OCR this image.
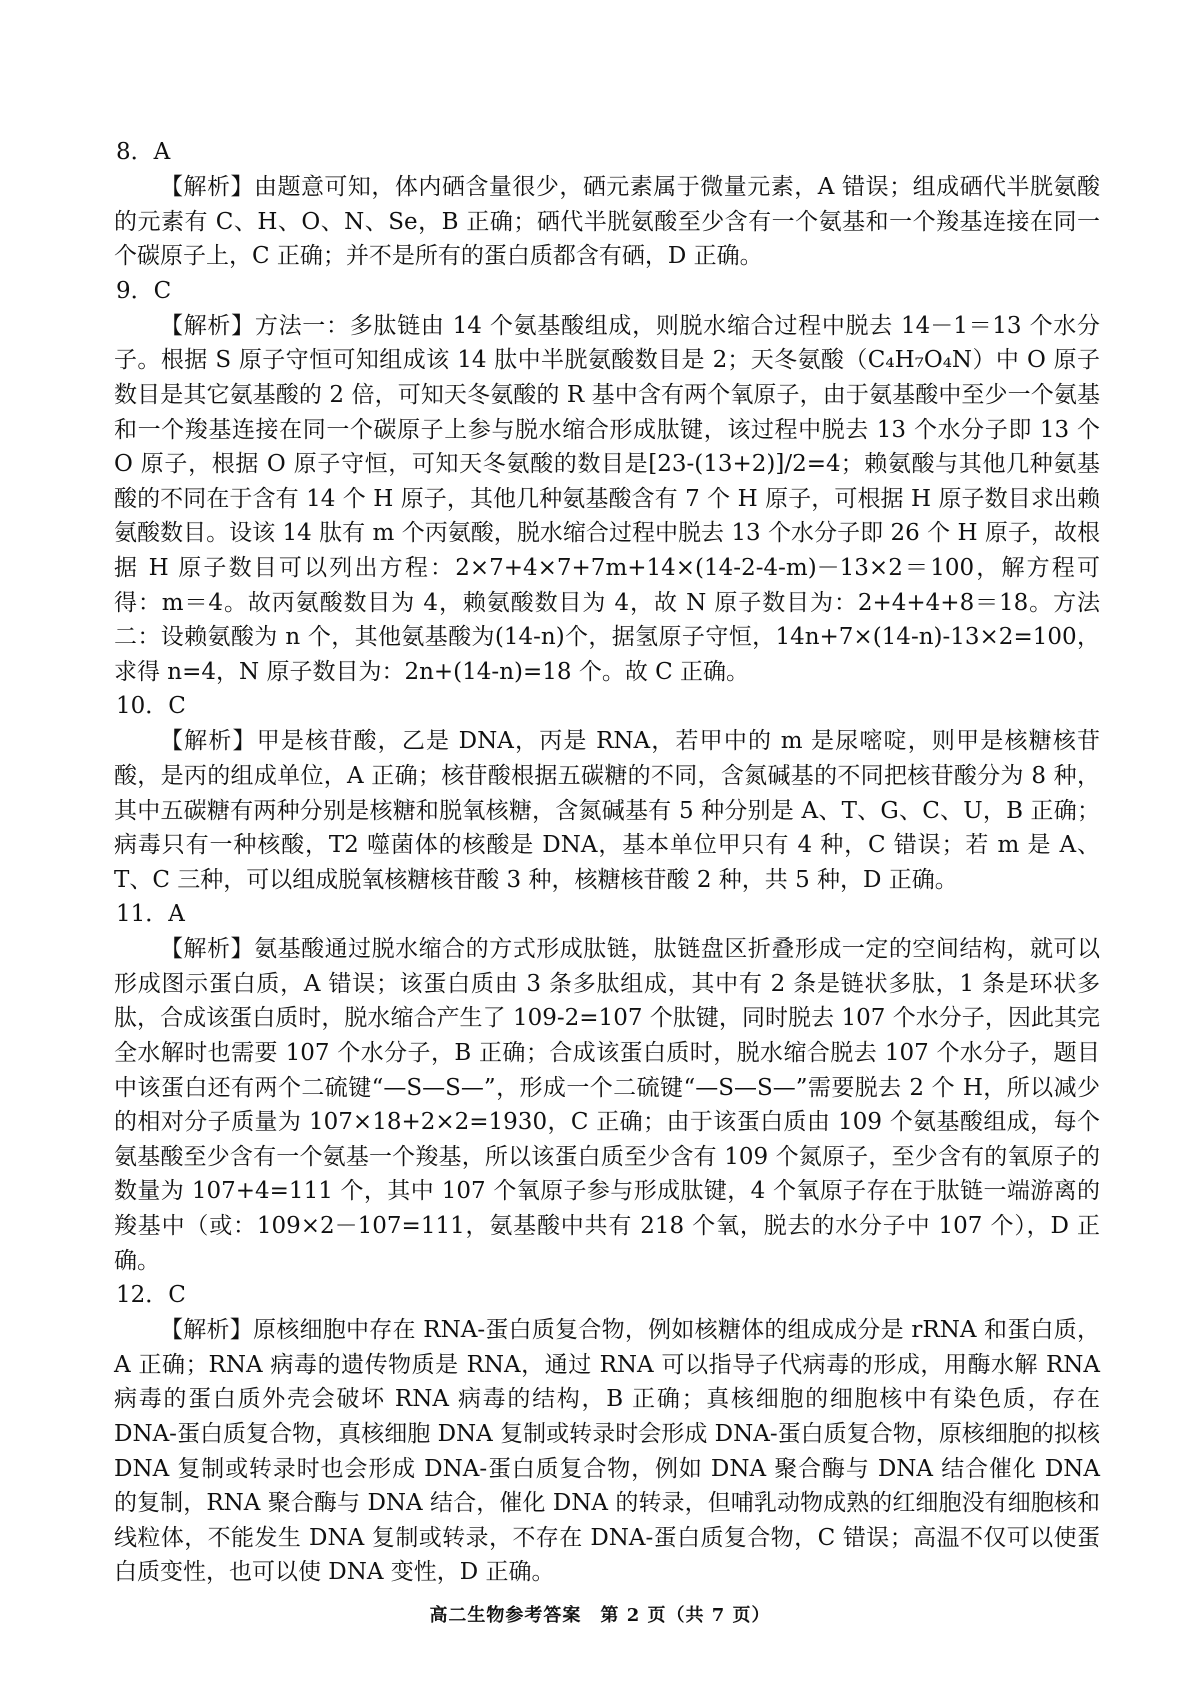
8．A

【解析】由题意可知，体内硒含量很少，硒元素属于微量元素，A 错误；组成硒代半胱氨酸的元素有 C、H、O、N、Se，B 正确；硒代半胱氨酸至少含有一个氨基和一个羧基连接在同一个碳原子上，C 正确；并不是所有的蛋白质都含有硒，D 正确。

9．C

【解析】方法一：多肽链由 14 个氨基酸组成，则脱水缩合过程中脱去 14－1＝13 个水分子。根据 S 原子守恒可知组成该 14 肽中半胱氨酸数目是 2；天冬氨酸（C₄H₇O₄N）中 O 原子数目是其它氨基酸的 2 倍，可知天冬氨酸的 R 基中含有两个氧原子，由于氨基酸中至少一个氨基和一个羧基连接在同一个碳原子上参与脱水缩合形成肽键，该过程中脱去 13 个水分子即 13 个 O 原子，根据 O 原子守恒，可知天冬氨酸的数目是[23-(13+2)]/2=4；赖氨酸与其他几种氨基酸的不同在于含有 14 个 H 原子，其他几种氨基酸含有 7 个 H 原子，可根据 H 原子数目求出赖氨酸数目。设该 14 肽有 m 个丙氨酸，脱水缩合过程中脱去 13 个水分子即 26 个 H 原子，故根据 H 原子数目可以列出方程：2×7+4×7+7m+14×(14-2-4-m)－13×2＝100，解方程可得：m＝4。故丙氨酸数目为 4，赖氨酸数目为 4，故 N 原子数目为：2+4+4+8＝18。方法二：设赖氨酸为 n 个，其他氨基酸为(14-n)个，据氢原子守恒，14n+7×(14-n)-13×2=100，求得 n=4，N 原子数目为：2n+(14-n)=18 个。故 C 正确。

10．C

【解析】甲是核苷酸，乙是 DNA，丙是 RNA，若甲中的 m 是尿嘧啶，则甲是核糖核苷酸，是丙的组成单位，A 正确；核苷酸根据五碳糖的不同，含氮碱基的不同把核苷酸分为 8 种，其中五碳糖有两种分别是核糖和脱氧核糖，含氮碱基有 5 种分别是 A、T、G、C、U，B 正确；病毒只有一种核酸，T2 噬菌体的核酸是 DNA，基本单位甲只有 4 种，C 错误；若 m 是 A、T、C 三种，可以组成脱氧核糖核苷酸 3 种，核糖核苷酸 2 种，共 5 种，D 正确。

11．A

【解析】氨基酸通过脱水缩合的方式形成肽链，肽链盘区折叠形成一定的空间结构，就可以形成图示蛋白质，A 错误；该蛋白质由 3 条多肽组成，其中有 2 条是链状多肽，1 条是环状多肽，合成该蛋白质时，脱水缩合产生了 109-2=107 个肽键，同时脱去 107 个水分子，因此其完全水解时也需要 107 个水分子，B 正确；合成该蛋白质时，脱水缩合脱去 107 个水分子，题目中该蛋白还有两个二硫键“—S—S—”，形成一个二硫键“—S—S—”需要脱去 2 个 H，所以减少的相对分子质量为 107×18+2×2=1930，C 正确；由于该蛋白质由 109 个氨基酸组成，每个氨基酸至少含有一个氨基一个羧基，所以该蛋白质至少含有 109 个氮原子，至少含有的氧原子的数量为 107+4=111 个，其中 107 个氧原子参与形成肽键，4 个氧原子存在于肽链一端游离的羧基中（或：109×2－107=111，氨基酸中共有 218 个氧，脱去的水分子中 107 个），D 正确。

12．C

【解析】原核细胞中存在 RNA-蛋白质复合物，例如核糖体的组成成分是 rRNA 和蛋白质，A 正确；RNA 病毒的遗传物质是 RNA，通过 RNA 可以指导子代病毒的形成，用酶水解 RNA 病毒的蛋白质外壳会破坏 RNA 病毒的结构，B 正确；真核细胞的细胞核中有染色质，存在 DNA-蛋白质复合物，真核细胞 DNA 复制或转录时会形成 DNA-蛋白质复合物，原核细胞的拟核 DNA 复制或转录时也会形成 DNA-蛋白质复合物，例如 DNA 聚合酶与 DNA 结合催化 DNA 的复制，RNA 聚合酶与 DNA 结合，催化 DNA 的转录，但哺乳动物成熟的红细胞没有细胞核和线粒体，不能发生 DNA 复制或转录，不存在 DNA-蛋白质复合物，C 错误；高温不仅可以使蛋白质变性，也可以使 DNA 变性，D 正确。

高二生物参考答案　第 2 页（共 7 页）
